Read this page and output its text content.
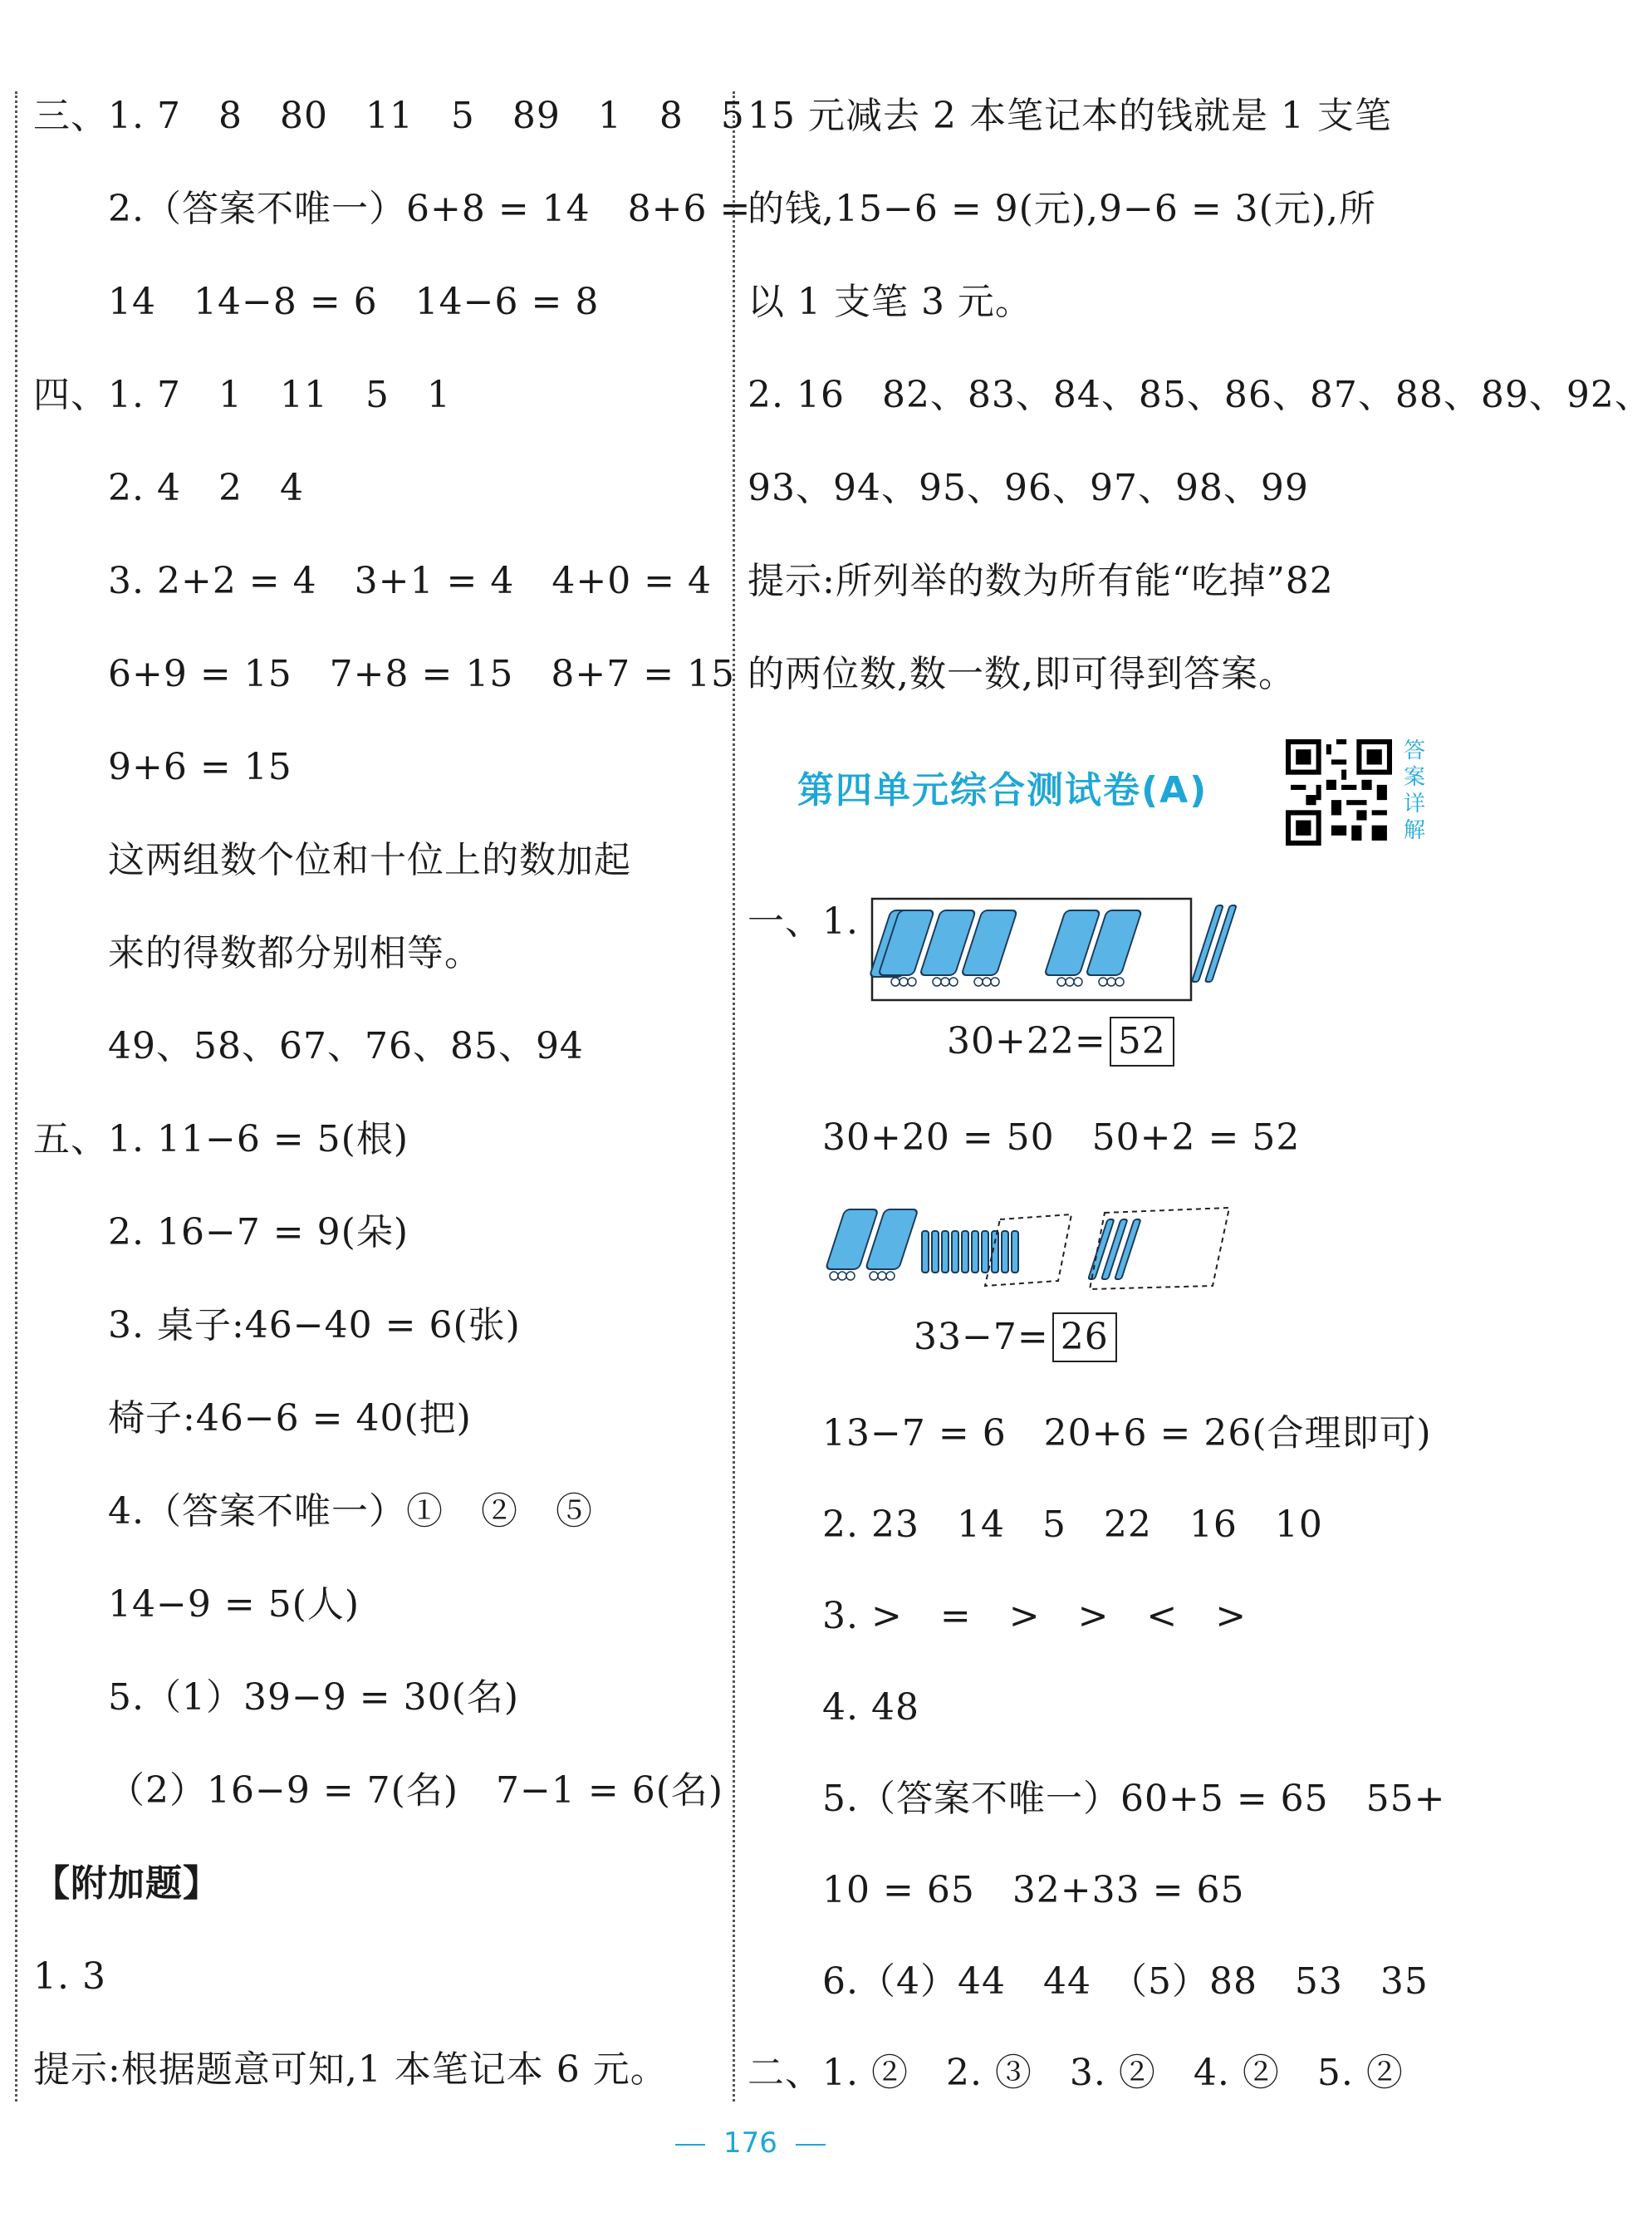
三、1. 7　8　80　11　5　89　1　8　5
2.（答案不唯一）6+8 = 14　8+6 =
14　14−8 = 6　14−6 = 8
四、1. 7　1　11　5　1
2. 4　2　4
3. 2+2 = 4　3+1 = 4　4+0 = 4
6+9 = 15　7+8 = 15　8+7 = 15
9+6 = 15
这两组数个位和十位上的数加起
来的得数都分别相等。
49、58、67、76、85、94
五、1. 11−6 = 5(根)
2. 16−7 = 9(朵)
3. 桌子:46−40 = 6(张)
椅子:46−6 = 40(把)
4.（答案不唯一）①　②　⑤
14−9 = 5(人)
5.（1）39−9 = 30(名)
（2）16−9 = 7(名)　7−1 = 6(名)
【附加题】
1. 3
提示:根据题意可知,1 本笔记本 6 元。
15 元减去 2 本笔记本的钱就是 1 支笔
的钱,15−6 = 9(元),9−6 = 3(元),所
以 1 支笔 3 元。
2. 16　82、83、84、85、86、87、88、89、92、
93、94、95、96、97、98、99
提示:所列举的数为所有能“吃掉”82
的两位数,数一数,即可得到答案。
第四单元综合测试卷(A)
答案详解
一、1.
30+22= 52
30+20 = 50　50+2 = 52
33−7= 26
13−7 = 6　20+6 = 26(合理即可)
2. 23　14　5　22　16　10
3. >　=　>　>　<　>
4. 48
5.（答案不唯一）60+5 = 65　55+
10 = 65　32+33 = 65
6.（4）44　44　（5）88　53　35
二、1. ②　2. ③　3. ②　4. ②　5. ②
176
